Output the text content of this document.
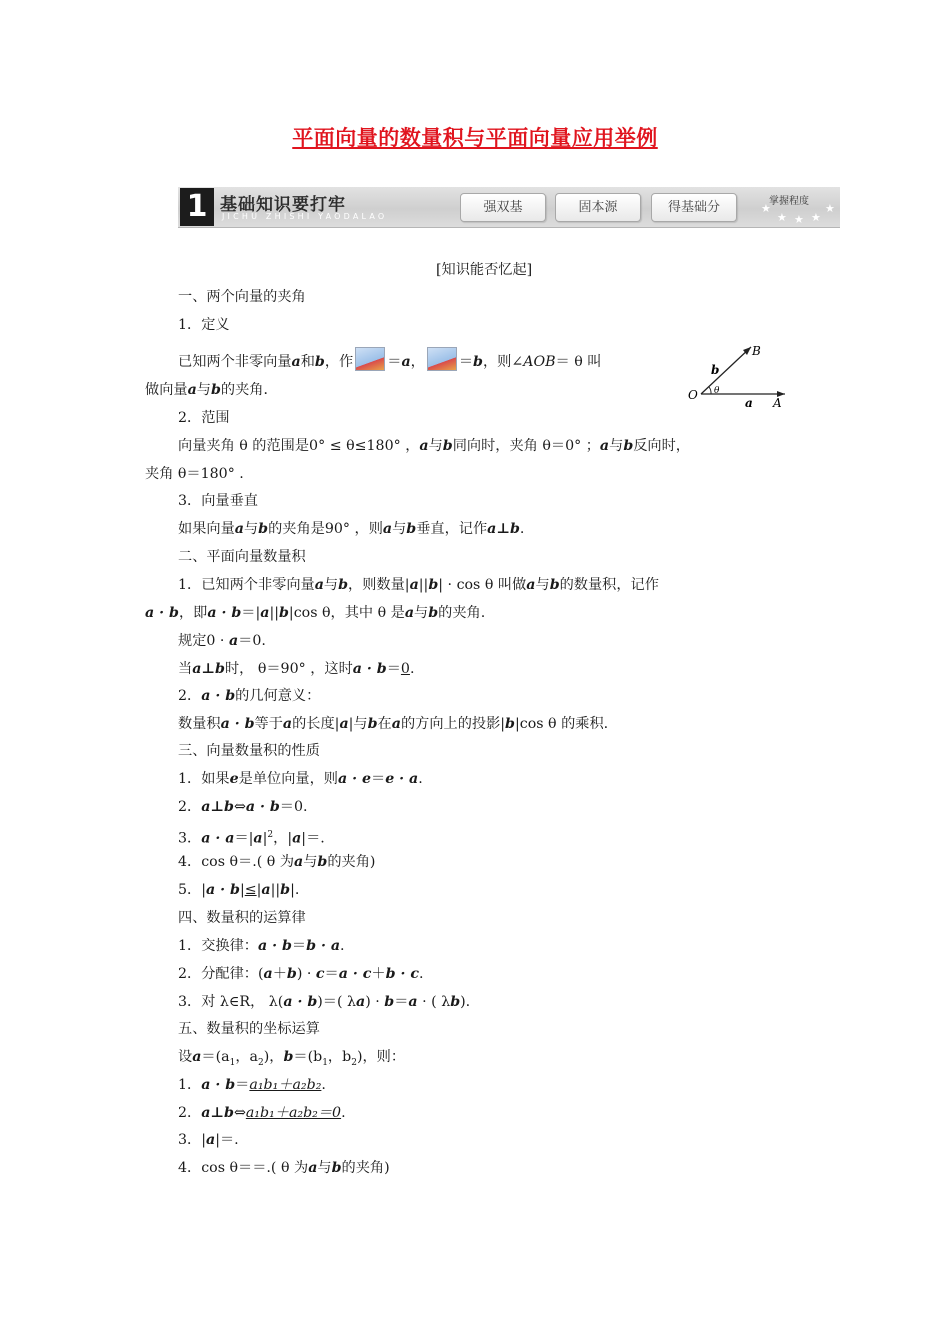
平面向量的数量积与平面向量应用举例
1 基础知识要打牢
JICHU ZHISHI YAODALAO
强双基	固本源	得基础分	掌握程度
★
★ ★ ★
★
[知识能否忆起]
一、两个向量的夹角
1．定义
已知两个非零向量a和b，作 ＝a， ＝b，则∠AOB＝ θ 叫
做向量a与b的夹角．	O
A
B
a
b
θ
2．范围
向量夹角 θ 的范围是0° ≤ θ≤180° ，a与b同向时，夹角 θ＝0° ；a与b反向时，
夹角 θ＝180° .
3．向量垂直
如果向量a与b的夹角是90° ，则a与b垂直，记作a⊥b.
二、平面向量数量积
1．已知两个非零向量a与b，则数量|a||b| · cos θ 叫做a与b的数量积，记作
a · b，即a · b＝|a||b|cos θ，其中 θ 是a与b的夹角.
规定0 · a＝0.
当a⊥b时， θ＝90° ，这时a · b＝0.
2．a · b的几何意义：
数量积a · b等于a的长度|a|与b在a的方向上的投影|b|cos θ 的乘积.
三、向量数量积的性质
1．如果e是单位向量，则a · e＝e · a.
2．a⊥b⇔a · b＝0.
3．$a \cdot a=|a|^2$，|a|＝.
4．cos θ＝.( θ 为a与b的夹角)
5．|a · b|≤|a||b|.
四、数量积的运算律
1．交换律：a · b＝b · a.
2．分配律：(a＋b) · c＝a · c＋b · c.
3．对 λ∈R， λ(a · b)＝( λa) · b＝a · ( λb).
五、数量积的坐标运算
设$a=(a_1$，$a_2$)，$b=(b_1$，$b_2$)，则：
1．a · b＝a₁b₁＋a₂b₂.
2．a⊥b⇔a₁b₁＋a₂b₂＝0.
3．|a|＝.
4．cos θ＝＝.( θ 为a与b的夹角)
